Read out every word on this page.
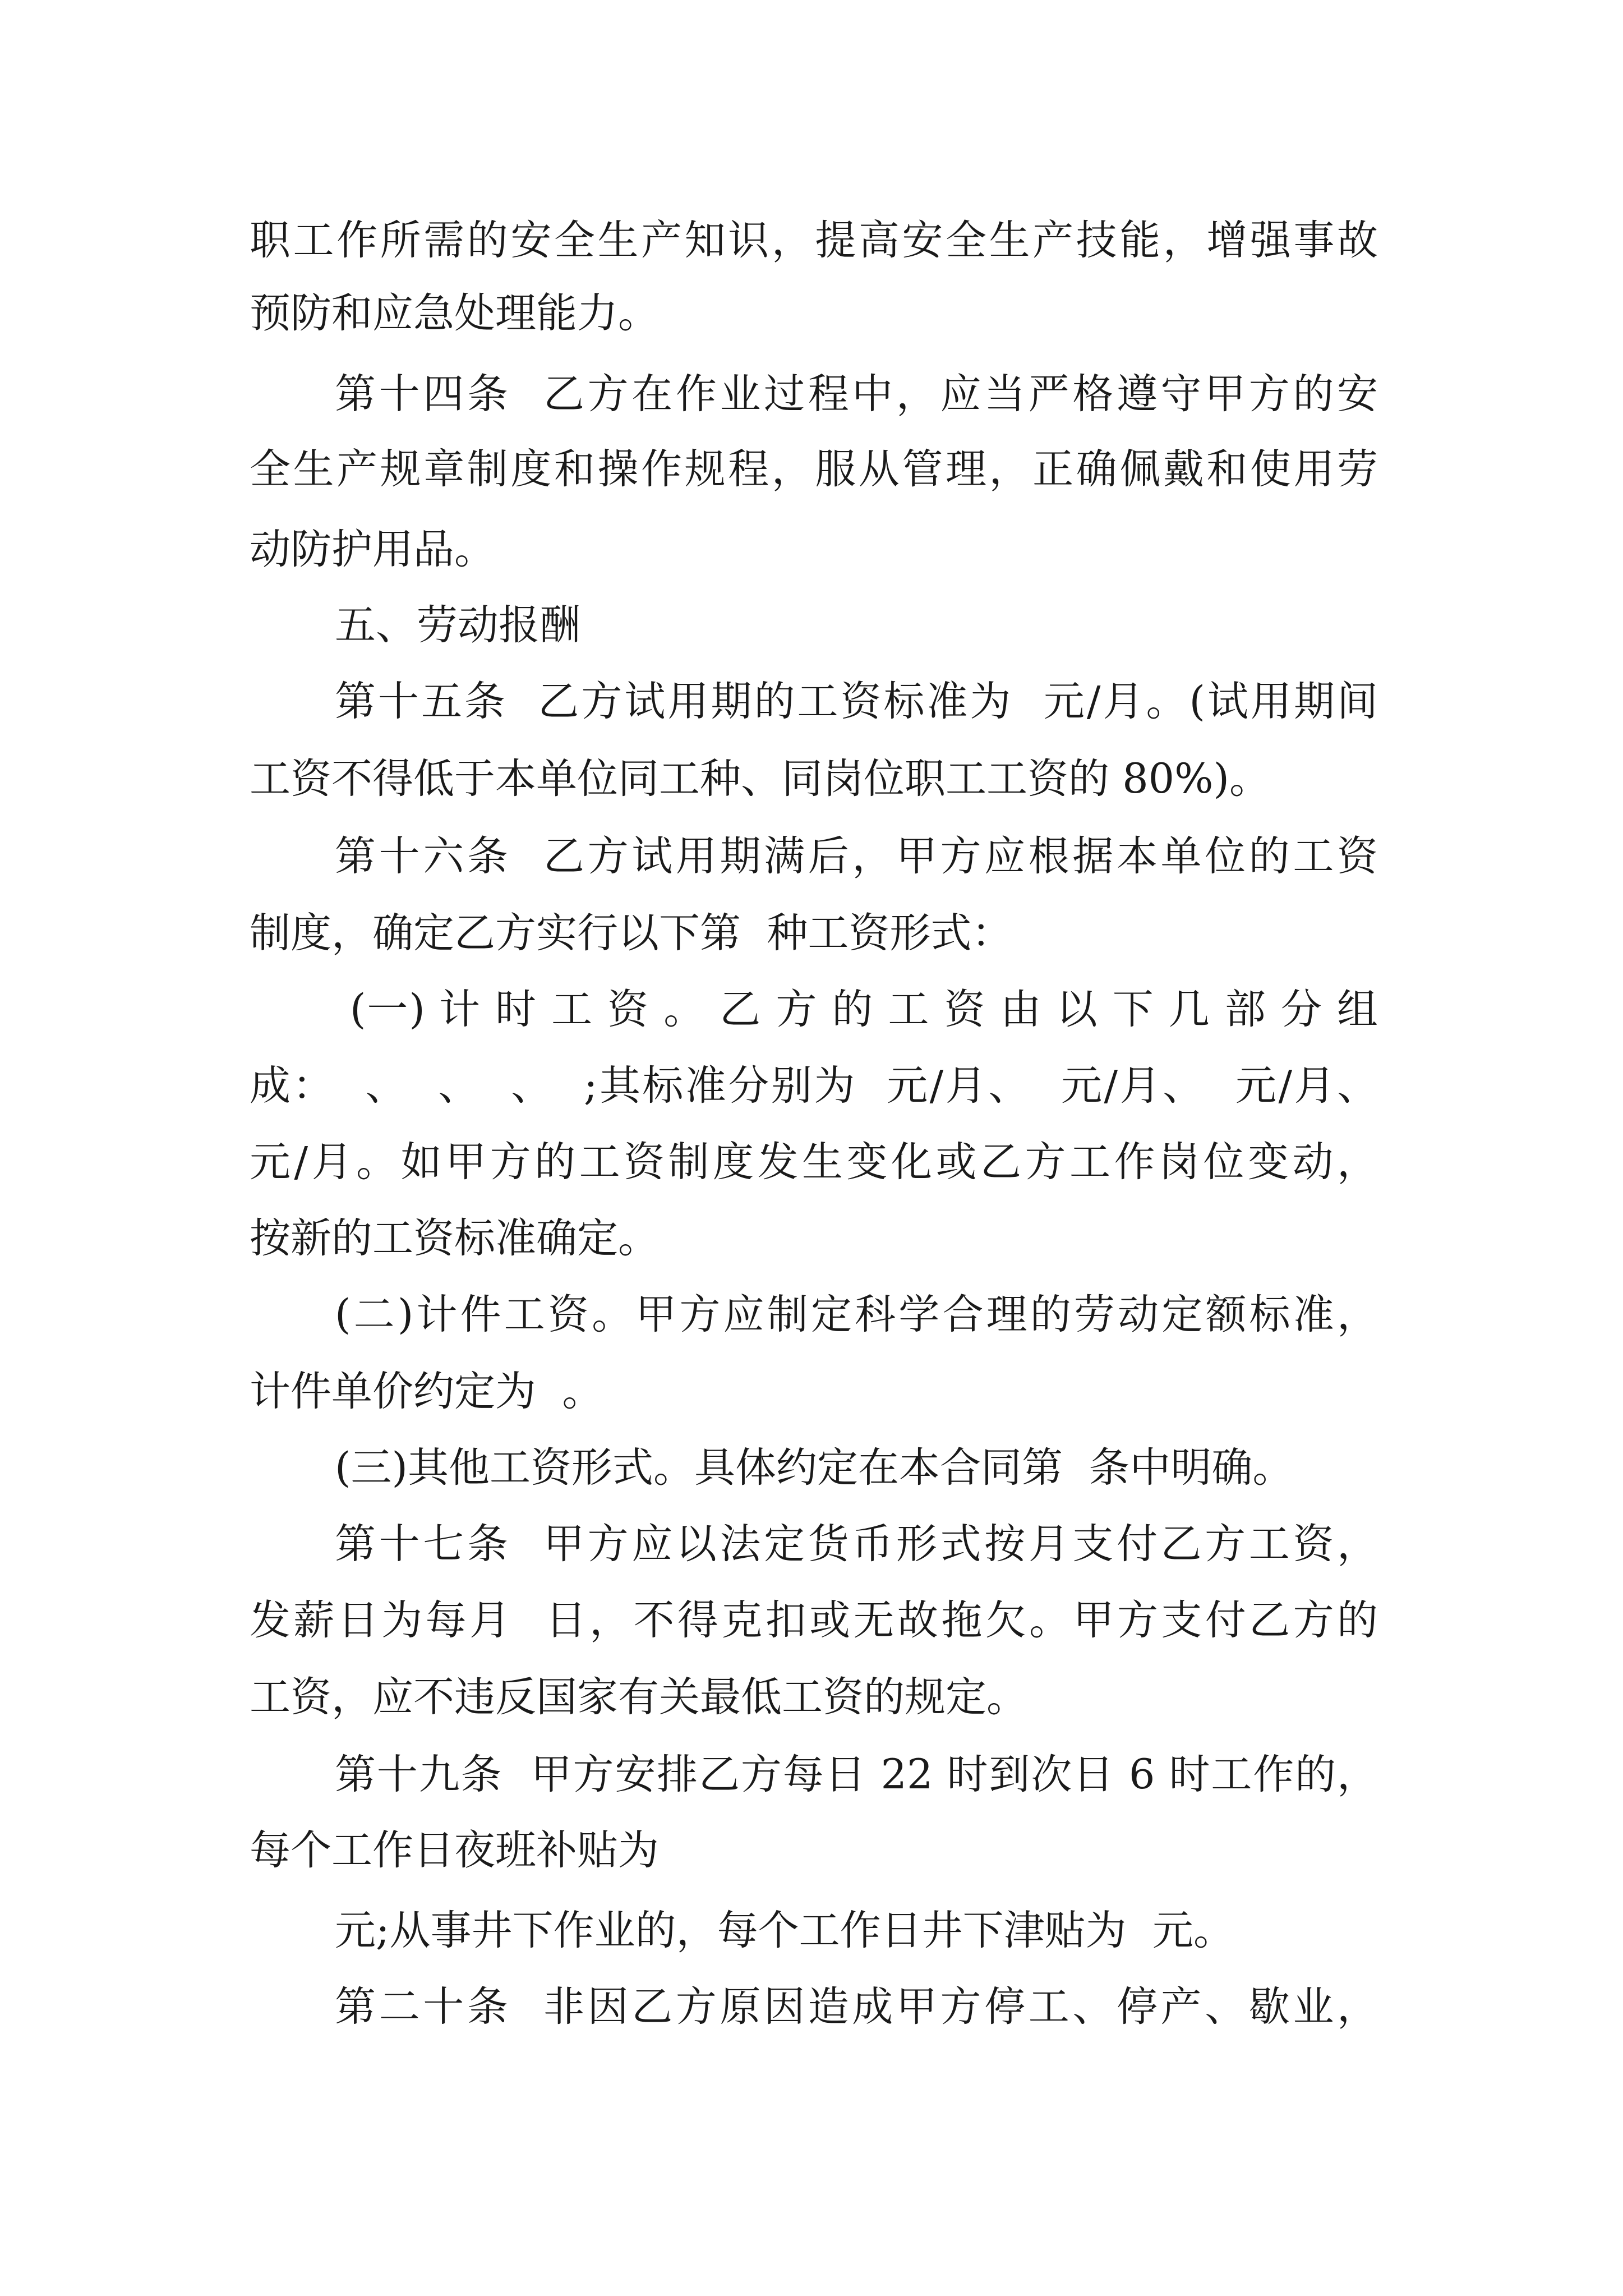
职工作所需的安全生产知识，提高安全生产技能，增强事故

预防和应急处理能力。

第十四条  乙方在作业过程中，应当严格遵守甲方的安

全生产规章制度和操作规程，服从管理，正确佩戴和使用劳

动防护用品。

五、劳动报酬

第十五条  乙方试用期的工资标准为  元/月。(试用期间

工资不得低于本单位同工种、同岗位职工工资的 80%)。

第十六条  乙方试用期满后，甲方应根据本单位的工资

制度，确定乙方实行以下第  种工资形式：

(一) 计 时 工 资 。 乙 方 的 工 资 由 以 下 几 部 分 组

成：  、  、  、  ;其标准分别为  元/月、  元/月、  元/月、

元/月。如甲方的工资制度发生变化或乙方工作岗位变动，

按新的工资标准确定。

(二)计件工资。甲方应制定科学合理的劳动定额标准，

计件单价约定为  。

(三)其他工资形式。具体约定在本合同第  条中明确。

第十七条  甲方应以法定货币形式按月支付乙方工资，

发薪日为每月  日，不得克扣或无故拖欠。甲方支付乙方的

工资，应不违反国家有关最低工资的规定。

第十九条  甲方安排乙方每日 22 时到次日 6 时工作的，

每个工作日夜班补贴为

元;从事井下作业的，每个工作日井下津贴为  元。

第二十条  非因乙方原因造成甲方停工、停产、歇业，
